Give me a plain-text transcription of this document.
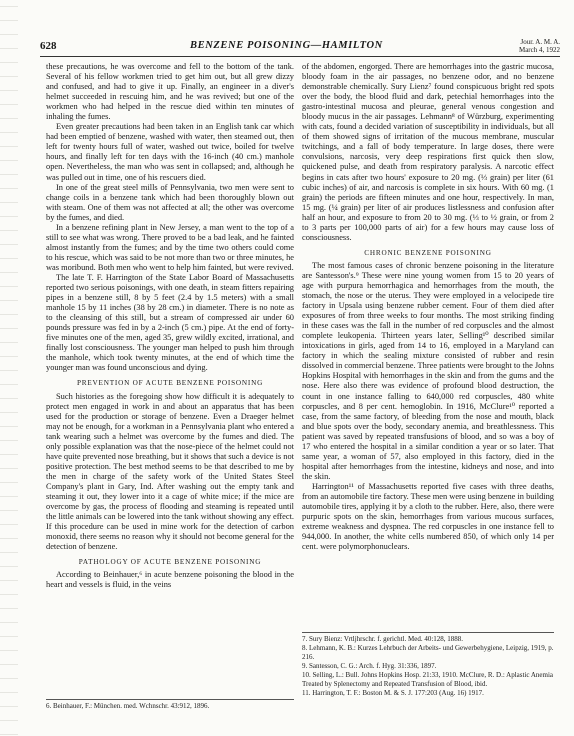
628	BENZENE POISONING—HAMILTON	Jour. A. M. A.
March 4, 1922

these precautions, he was overcome and fell to the bottom of the tank. Several of his fellow workmen tried to get him out, but all grew dizzy and confused, and had to give it up. Finally, an engineer in a diver's helmet succeeded in rescuing him, and he was revived; but one of the workmen who had helped in the rescue died within ten minutes of inhaling the fumes.

Even greater precautions had been taken in an English tank car which had been emptied of benzene, washed with water, then steamed out, then left for twenty hours full of water, washed out twice, boiled for twelve hours, and finally left for ten days with the 16-inch (40 cm.) manhole open. Nevertheless, the man who was sent in collapsed; and, although he was pulled out in time, one of his rescuers died.

In one of the great steel mills of Pennsylvania, two men were sent to change coils in a benzene tank which had been thoroughly blown out with steam. One of them was not affected at all; the other was overcome by the fumes, and died.

In a benzene refining plant in New Jersey, a man went to the top of a still to see what was wrong. There proved to be a bad leak, and he fainted almost instantly from the fumes; and by the time two others could come to his rescue, which was said to be not more than two or three minutes, he was moribund. Both men who went to help him fainted, but were revived.

The late T. F. Harrington of the State Labor Board of Massachusetts reported two serious poisonings, with one death, in steam fitters repairing pipes in a benzene still, 8 by 5 feet (2.4 by 1.5 meters) with a small manhole 15 by 11 inches (38 by 28 cm.) in diameter. There is no note as to the cleansing of this still, but a stream of compressed air under 60 pounds pressure was fed in by a 2-inch (5 cm.) pipe. At the end of forty-five minutes one of the men, aged 35, grew wildly excited, irrational, and finally lost consciousness. The younger man helped to push him through the manhole, which took twenty minutes, at the end of which time the younger man was found unconscious and dying.

PREVENTION OF ACUTE BENZENE POISONING

Such histories as the foregoing show how difficult it is adequately to protect men engaged in work in and about an apparatus that has been used for the production or storage of benzene. Even a Draeger helmet may not be enough, for a workman in a Pennsylvania plant who entered a tank wearing such a helmet was overcome by the fumes and died. The only possible explanation was that the nose-piece of the helmet could not have quite prevented nose breathing, but it shows that such a device is not positive protection. The best method seems to be that described to me by the men in charge of the safety work of the United States Steel Company's plant in Gary, Ind. After washing out the empty tank and steaming it out, they lower into it a cage of white mice; if the mice are overcome by gas, the process of flooding and steaming is repeated until the little animals can be lowered into the tank without showing any effect. If this procedure can be used in mine work for the detection of carbon monoxid, there seems no reason why it should not become general for the detection of benzene.

PATHOLOGY OF ACUTE BENZENE POISONING

According to Beinhauer,⁶ in acute benzene poisoning the blood in the heart and vessels is fluid, in the veins

6. Beinhauer, F.: München. med. Wchnschr. 43:912, 1896.

of the abdomen, engorged. There are hemorrhages into the gastric mucosa, bloody foam in the air passages, no benzene odor, and no benzene demonstrable chemically. Sury Lienz⁷ found conspicuous bright red spots over the body, the blood fluid and dark, petechial hemorrhages into the gastro-intestinal mucosa and pleurae, general venous congestion and bloody mucus in the air passages. Lehmann⁸ of Würzburg, experimenting with cats, found a decided variation of susceptibility in individuals, but all of them showed signs of irritation of the mucous membrane, muscular twitchings, and a fall of body temperature. In large doses, there were convulsions, narcosis, very deep respirations first quick then slow, quickened pulse, and death from respiratory paralysis. A narcotic effect begins in cats after two hours' exposure to 20 mg. (⅓ grain) per liter (61 cubic inches) of air, and narcosis is complete in six hours. With 60 mg. (1 grain) the periods are fifteen minutes and one hour, respectively. In man, 15 mg. (¼ grain) per liter of air produces listlessness and confusion after half an hour, and exposure to from 20 to 30 mg. (⅓ to ½ grain, or from 2 to 3 parts per 100,000 parts of air) for a few hours may cause loss of consciousness.

CHRONIC BENZENE POISONING

The most famous cases of chronic benzene poisoning in the literature are Santesson's.⁹ These were nine young women from 15 to 20 years of age with purpura hemorrhagica and hemorrhages from the mouth, the stomach, the nose or the uterus. They were employed in a velocipede tire factory in Upsala using benzene rubber cement. Four of them died after exposures of from three weeks to four months. The most striking finding in these cases was the fall in the number of red corpuscles and the almost complete leukopenia. Thirteen years later, Selling¹⁰ described similar intoxications in girls, aged from 14 to 16, employed in a Maryland can factory in which the sealing mixture consisted of rubber and resin dissolved in commercial benzene. Three patients were brought to the Johns Hopkins Hospital with hemorrhages in the skin and from the gums and the nose. Here also there was evidence of profound blood destruction, the count in one instance falling to 640,000 red corpuscles, 480 white corpuscles, and 8 per cent. hemoglobin. In 1916, McClure¹⁰ reported a case, from the same factory, of bleeding from the nose and mouth, black and blue spots over the body, secondary anemia, and breathlessness. This patient was saved by repeated transfusions of blood, and so was a boy of 17 who entered the hospital in a similar condition a year or so later. That same year, a woman of 57, also employed in this factory, died in the hospital after hemorrhages from the intestine, kidneys and nose, and into the skin.

Harrington¹¹ of Massachusetts reported five cases with three deaths, from an automobile tire factory. These men were using benzene in building automobile tires, applying it by a cloth to the rubber. Here, also, there were purpuric spots on the skin, hemorrhages from various mucous surfaces, extreme weakness and dyspnea. The red corpuscles in one instance fell to 944,000. In another, the white cells numbered 850, of which only 14 per cent. were polymorphonuclears.

7. Sury Bienz: Vrtljhrschr. f. gerichtl. Med. 40:128, 1888.
8. Lehmann, K. B.: Kurzes Lehrbuch der Arbeits- und Gewerbehygiene, Leipzig, 1919, p. 216.
9. Santesson, C. G.: Arch. f. Hyg. 31:336, 1897.
10. Selling, L.: Bull. Johns Hopkins Hosp. 21:33, 1910. McClure, R. D.: Aplastic Anemia Treated by Splenectomy and Repeated Transfusion of Blood, ibid.
11. Harrington, T. F.: Boston M. & S. J. 177:203 (Aug. 16) 1917.
